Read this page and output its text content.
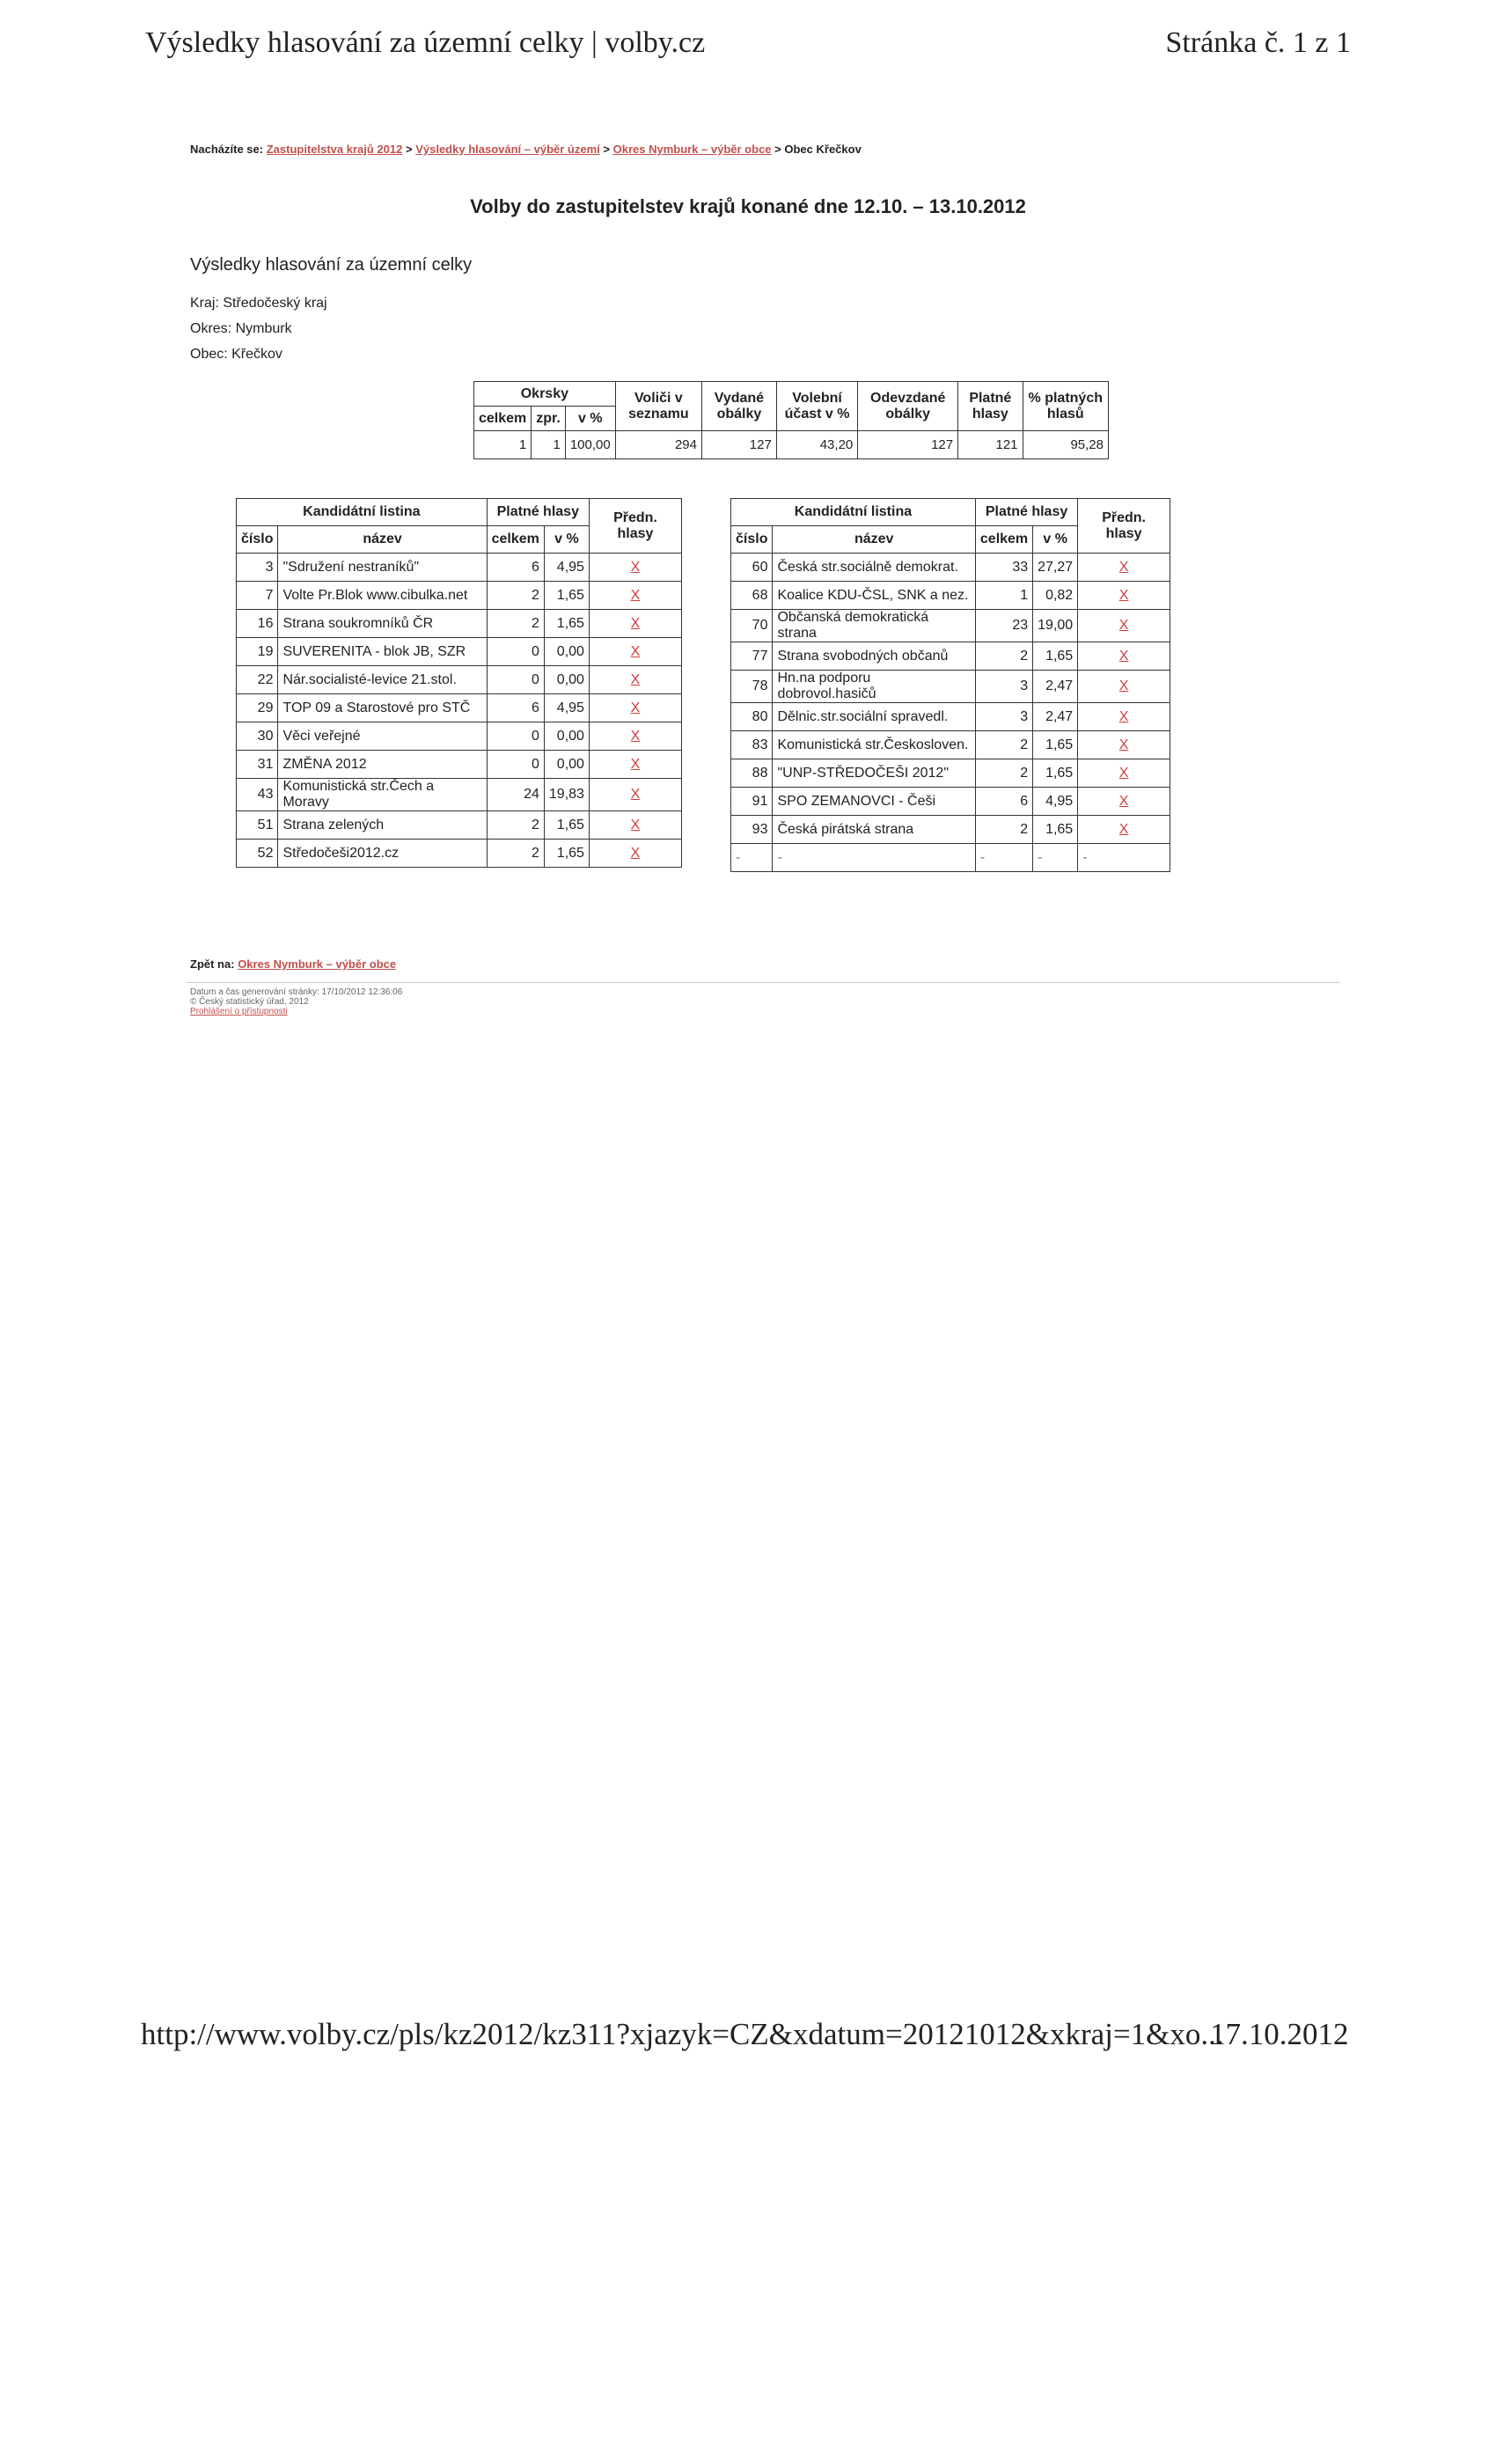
Výsledky hlasování za územní celky | volby.cz	Stránka č. 1 z 1
Nacházíte se: Zastupitelstva krajů 2012 > Výsledky hlasování – výběr území > Okres Nymburk – výběr obce > Obec Křečkov
Volby do zastupitelstev krajů konané dne 12.10. – 13.10.2012
Výsledky hlasování za územní celky
Kraj: Středočeský kraj
Okres: Nymburk
Obec: Křečkov
Okrsky			Voliči v seznamu	Vydané obálky	Volební účast v %	Odevzdané obálky	Platné hlasy	% platných hlasů
celkem	zpr.	v %						
1	1	100,00	294	127	43,20	127	121	95,28
Kandidátní listina		Platné hlasy		Předn. hlasy
číslo	název	celkem	v %	
3	"Sdružení nestraníků"	6	4,95	X
7	Volte Pr.Blok www.cibulka.net	2	1,65	X
16	Strana soukromníků ČR	2	1,65	X
19	SUVERENITA - blok JB, SZR	0	0,00	X
22	Nár.socialisté-levice 21.stol.	0	0,00	X
29	TOP 09 a Starostové pro STČ	6	4,95	X
30	Věci veřejné	0	0,00	X
31	ZMĚNA 2012	0	0,00	X
43	Komunistická str.Čech a Moravy	24	19,83	X
51	Strana zelených	2	1,65	X
52	Středočeši2012.cz	2	1,65	X
Kandidátní listina		Platné hlasy		Předn. hlasy
číslo	název	celkem	v %	
60	Česká str.sociálně demokrat.	33	27,27	X
68	Koalice KDU-ČSL, SNK a nez.	1	0,82	X
70	Občanská demokratická strana	23	19,00	X
77	Strana svobodných občanů	2	1,65	X
78	Hn.na podporu dobrovol.hasičů	3	2,47	X
80	Dělnic.str.sociální spravedl.	3	2,47	X
83	Komunistická str.Českosloven.	2	1,65	X
88	"UNP-STŘEDOČEŠI 2012"	2	1,65	X
91	SPO ZEMANOVCI - Češi	6	4,95	X
93	Česká pirátská strana	2	1,65	X
-	-	-	-	-
Zpět na: Okres Nymburk – výběr obce
Datum a čas generování stránky: 17/10/2012 12:36:06
© Český statistický úřad, 2012
Prohlášení o přístupnosti
http://www.volby.cz/pls/kz2012/kz311?xjazyk=CZ&xdatum=20121012&xkraj=1&xo...
17.10.2012
